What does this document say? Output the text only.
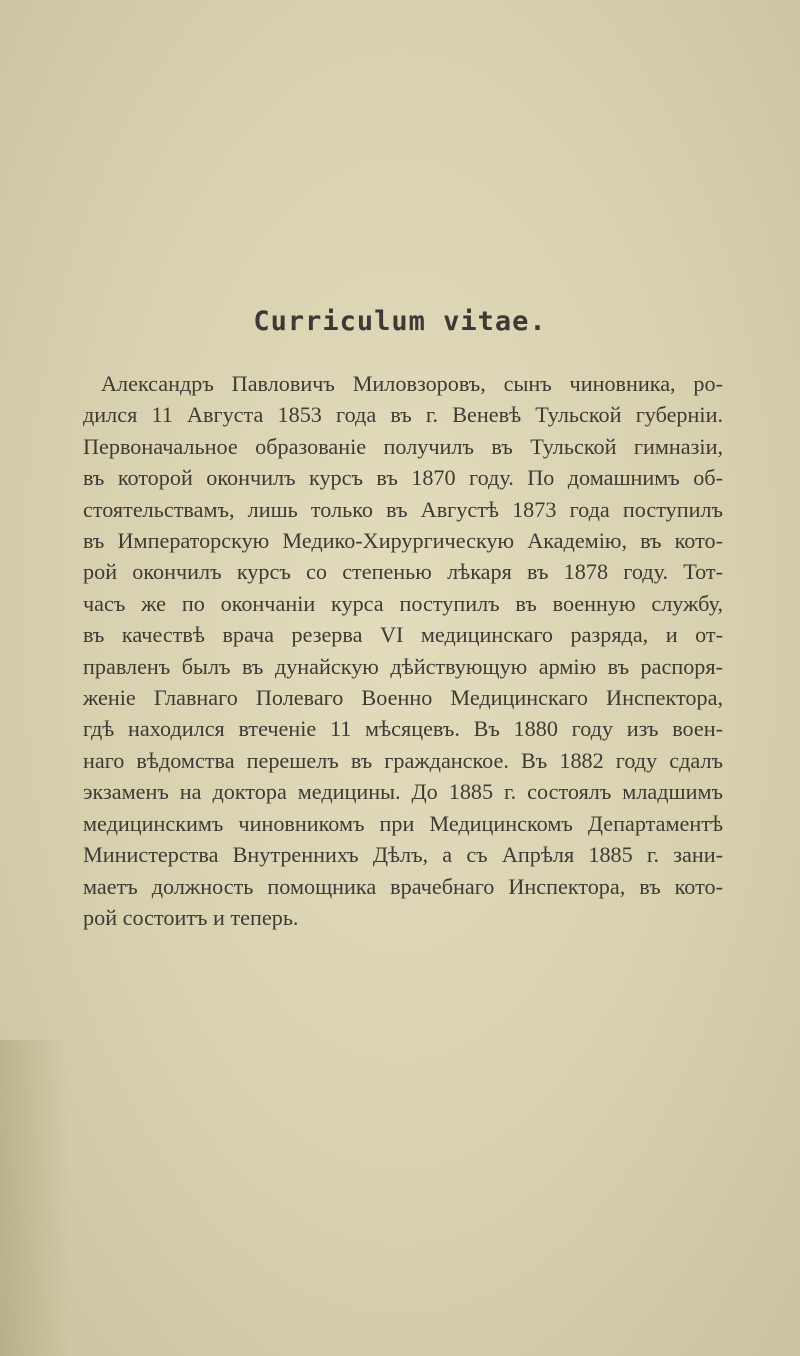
Curriculum vitae.
Александръ Павловичъ Миловзоровъ, сынъ чиновника, ро-
дился 11 Августа 1853 года въ г. Веневѣ Тульской губерніи.
Первоначальное образованіе получилъ въ Тульской гимназіи,
въ которой окончилъ курсъ въ 1870 году. По домашнимъ об-
стоятельствамъ, лишь только въ Августѣ 1873 года поступилъ
въ Императорскую Медико-Хирургическую Академію, въ кото-
рой окончилъ курсъ со степенью лѣкаря въ 1878 году. Тот-
часъ же по окончаніи курса поступилъ въ военную службу,
въ качествѣ врача резерва VI медицинскаго разряда, и от-
правленъ былъ въ дунайскую дѣйствующую армію въ распоря-
женіе Главнаго Полеваго Военно Медицинскаго Инспектора,
гдѣ находился втеченіе 11 мѣсяцевъ. Въ 1880 году изъ воен-
наго вѣдомства перешелъ въ гражданское. Въ 1882 году сдалъ
экзаменъ на доктора медицины. До 1885 г. состоялъ младшимъ
медицинскимъ чиновникомъ при Медицинскомъ Департаментѣ
Министерства Внутреннихъ Дѣлъ, а съ Апрѣля 1885 г. зани-
маетъ должность помощника врачебнаго Инспектора, въ кото-
рой состоитъ и теперь.
